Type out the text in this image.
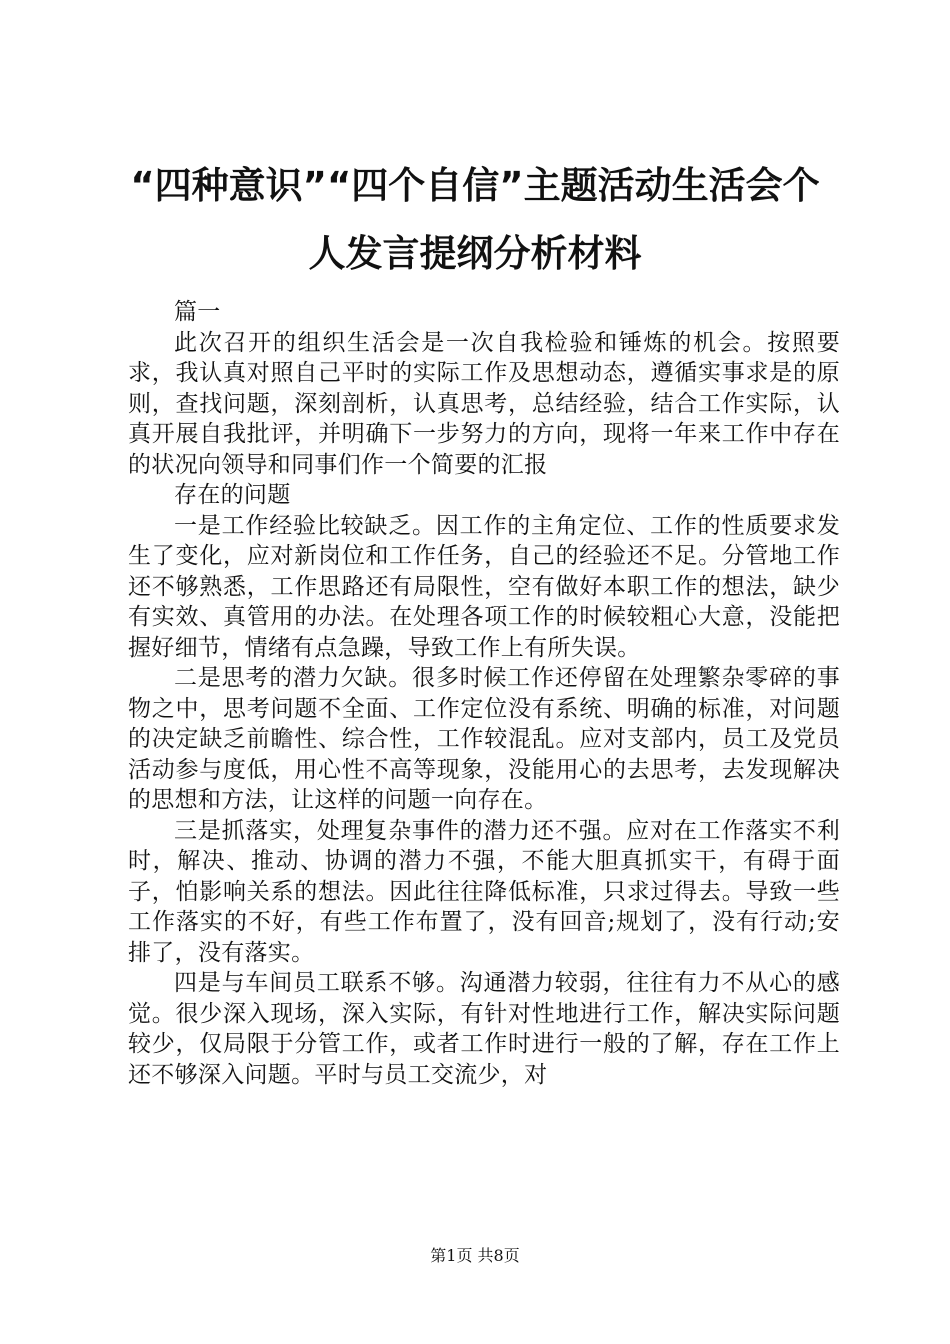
“四种意识”“四个自信”主题活动生活会个
人发言提纲分析材料

篇一

此次召开的组织生活会是一次自我检验和锤炼的机会。按照要求，我认真对照自己平时的实际工作及思想动态，遵循实事求是的原则，查找问题，深刻剖析，认真思考，总结经验，结合工作实际，认真开展自我批评，并明确下一步努力的方向，现将一年来工作中存在的状况向领导和同事们作一个简要的汇报

存在的问题

一是工作经验比较缺乏。因工作的主角定位、工作的性质要求发生了变化，应对新岗位和工作任务，自己的经验还不足。分管地工作还不够熟悉，工作思路还有局限性，空有做好本职工作的想法，缺少有实效、真管用的办法。在处理各项工作的时候较粗心大意，没能把握好细节，情绪有点急躁，导致工作上有所失误。

二是思考的潜力欠缺。很多时候工作还停留在处理繁杂零碎的事物之中，思考问题不全面、工作定位没有系统、明确的标准，对问题的决定缺乏前瞻性、综合性，工作较混乱。应对支部内，员工及党员活动参与度低，用心性不高等现象，没能用心的去思考，去发现解决的思想和方法，让这样的问题一向存在。

三是抓落实，处理复杂事件的潜力还不强。应对在工作落实不利时，解决、推动、协调的潜力不强，不能大胆真抓实干，有碍于面子，怕影响关系的想法。因此往往降低标准，只求过得去。导致一些工作落实的不好，有些工作布置了，没有回音;规划了，没有行动;安排了，没有落实。

四是与车间员工联系不够。沟通潜力较弱，往往有力不从心的感觉。很少深入现场，深入实际，有针对性地进行工作，解决实际问题较少，仅局限于分管工作，或者工作时进行一般的了解，存在工作上还不够深入问题。平时与员工交流少，对

第1页 共8页
